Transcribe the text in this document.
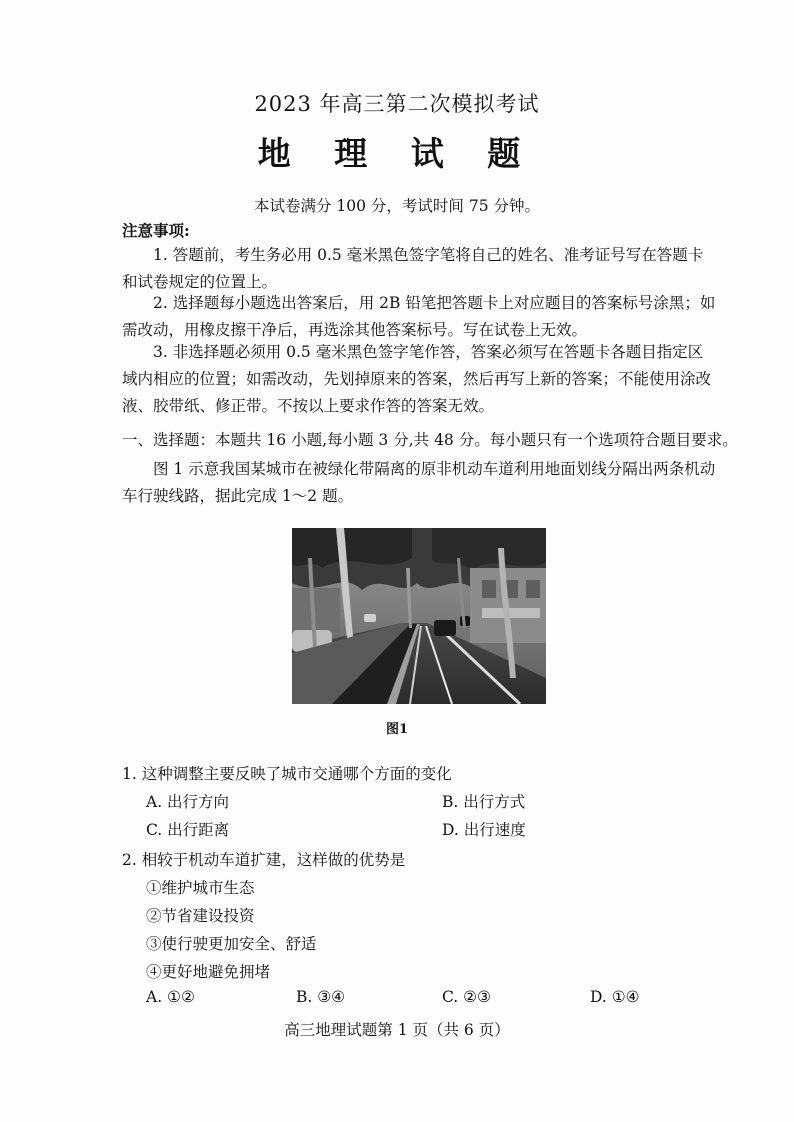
2023 年高三第二次模拟考试
地 理 试 题
本试卷满分 100 分，考试时间 75 分钟。
注意事项:
1. 答题前，考生务必用 0.5 毫米黑色签字笔将自己的姓名、准考证号写在答题卡和试卷规定的位置上。
2. 选择题每小题选出答案后，用 2B 铅笔把答题卡上对应题目的答案标号涂黑；如需改动，用橡皮擦干净后，再选涂其他答案标号。写在试卷上无效。
3. 非选择题必须用 0.5 毫米黑色签字笔作答，答案必须写在答题卡各题目指定区域内相应的位置；如需改动，先划掉原来的答案，然后再写上新的答案；不能使用涂改液、胶带纸、修正带。不按以上要求作答的答案无效。
一、选择题：本题共 16 小题,每小题 3 分,共 48 分。每小题只有一个选项符合题目要求。
图 1 示意我国某城市在被绿化带隔离的原非机动车道利用地面划线分隔出两条机动车行驶线路，据此完成 1～2 题。
图1
1. 这种调整主要反映了城市交通哪个方面的变化
A. 出行方向	B. 出行方式
C. 出行距离	D. 出行速度
2. 相较于机动车道扩建，这样做的优势是
①维护城市生态
②节省建设投资
③使行驶更加安全、舒适
④更好地避免拥堵
A. ①②	B. ③④	C. ②③	D. ①④
高三地理试题第 1 页（共 6 页）
